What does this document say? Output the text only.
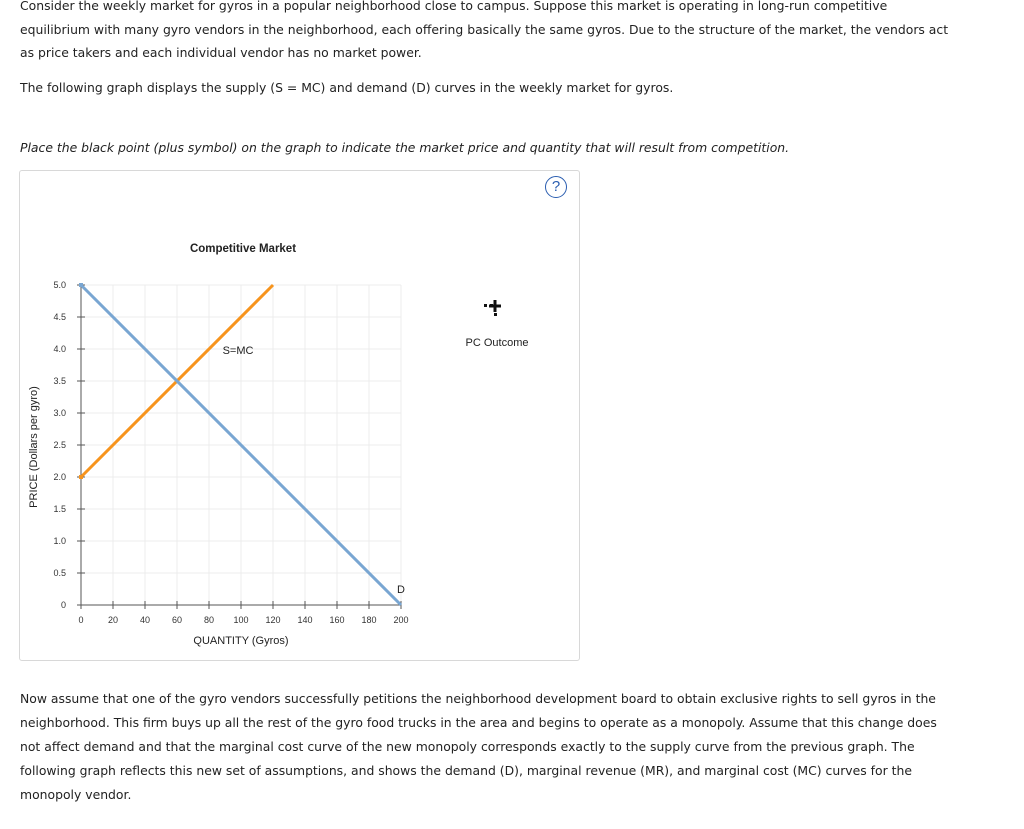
Consider the weekly market for gyros in a popular neighborhood close to campus. Suppose this market is operating in long-run competitive equilibrium with many gyro vendors in the neighborhood, each offering basically the same gyros. Due to the structure of the market, the vendors act as price takers and each individual vendor has no market power.
The following graph displays the supply (S = MC) and demand (D) curves in the weekly market for gyros.
Place the black point (plus symbol) on the graph to indicate the market price and quantity that will result from competition.
0	20 40 60 80 100 120 140 160 180 200
0
0.5
1.0
1.5
2.0
2.5
3.0
3.5
4.0
4.5
5.0
Competitive Market
QUANTITY (Gyros)
PRICE (Dollars per gyro)
S=MC
D
PC Outcome
?
Now assume that one of the gyro vendors successfully petitions the neighborhood development board to obtain exclusive rights to sell gyros in the neighborhood. This firm buys up all the rest of the gyro food trucks in the area and begins to operate as a monopoly. Assume that this change does not affect demand and that the marginal cost curve of the new monopoly corresponds exactly to the supply curve from the previous graph. The following graph reflects this new set of assumptions, and shows the demand (D), marginal revenue (MR), and marginal cost (MC) curves for the monopoly vendor.
